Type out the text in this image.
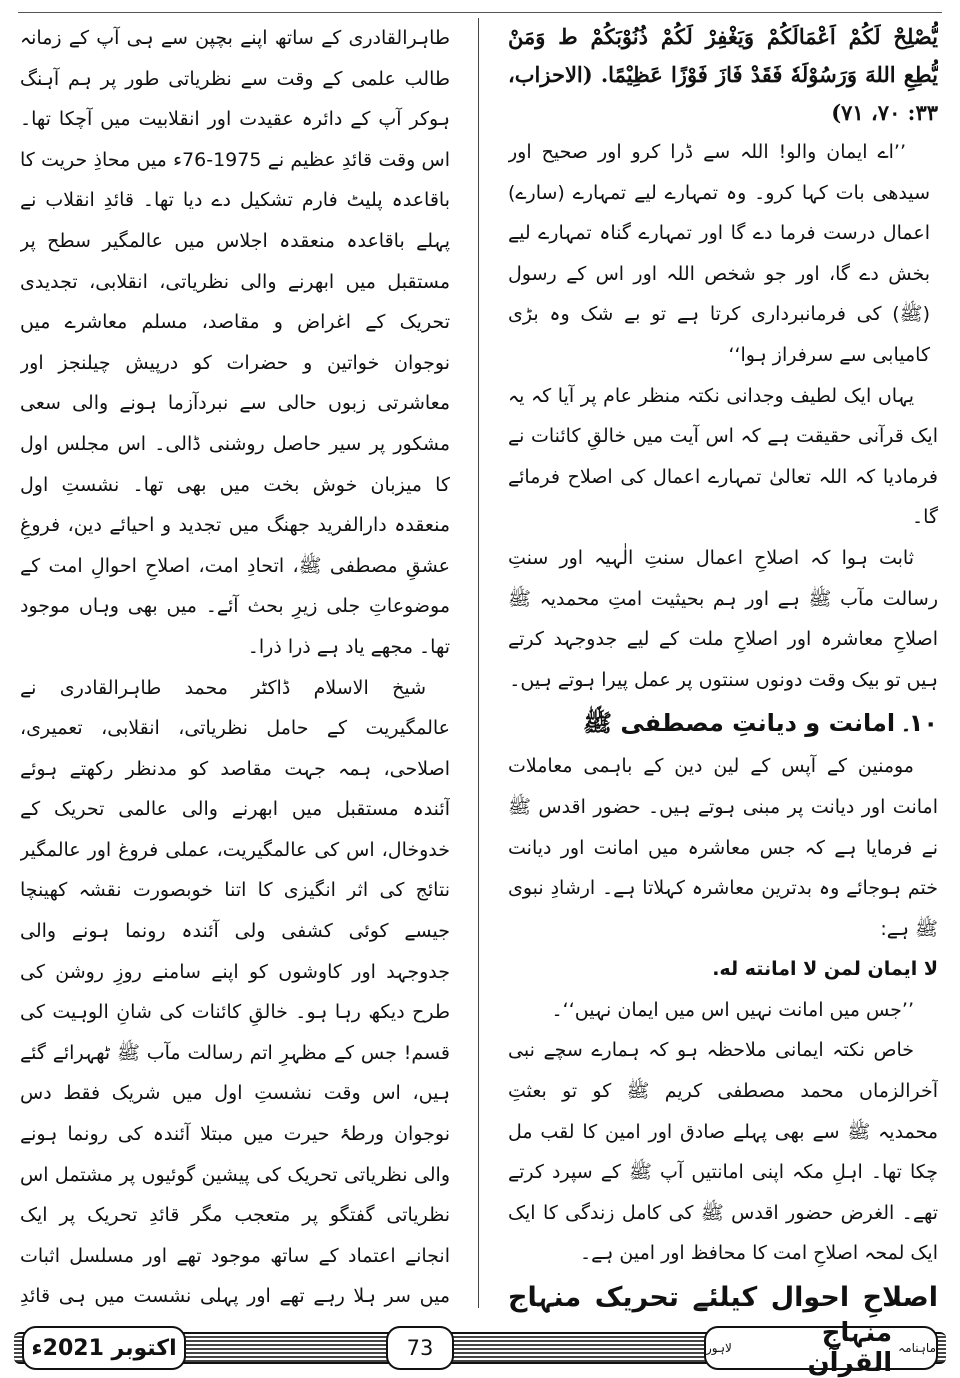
يُّصْلِحْ لَكُمْ اَعْمَالَكُمْ وَيَغْفِرْ لَكُمْ ذُنُوْبَكُمْ ط وَمَنْ يُّطِعِ اللهَ وَرَسُوْلَهٗ فَقَدْ فَازَ فَوْزًا عَظِيْمًا. (الاحزاب، ۳۳: ۷۰، ۷۱)

’’اے ایمان والو! اللہ سے ڈرا کرو اور صحیح اور سیدھی بات کہا کرو۔ وہ تمہارے لیے تمہارے (سارے) اعمال درست فرما دے گا اور تمہارے گناہ تمہارے لیے بخش دے گا، اور جو شخص اللہ اور اس کے رسول (ﷺ) کی فرمانبرداری کرتا ہے تو بے شک وہ بڑی کامیابی سے سرفراز ہوا‘‘

یہاں ایک لطیف وجدانی نکتہ منظر عام پر آیا کہ یہ ایک قرآنی حقیقت ہے کہ اس آیت میں خالقِ کائنات نے فرمادیا کہ اللہ تعالیٰ تمہارے اعمال کی اصلاح فرمائے گا۔

ثابت ہوا کہ اصلاحِ اعمال سنتِ الٰہیہ اور سنتِ رسالت مآب ﷺ ہے اور ہم بحیثیت امتِ محمدیہ ﷺ اصلاحِ معاشرہ اور اصلاحِ ملت کے لیے جدوجہد کرتے ہیں تو بیک وقت دونوں سنتوں پر عمل پیرا ہوتے ہیں۔

۱۰۔ امانت و دیانتِ مصطفی ﷺ

مومنین کے آپس کے لین دین کے باہمی معاملات امانت اور دیانت پر مبنی ہوتے ہیں۔ حضور اقدس ﷺ نے فرمایا ہے کہ جس معاشرہ میں امانت اور دیانت ختم ہوجائے وہ بدترین معاشرہ کہلاتا ہے۔ ارشادِ نبوی ﷺ ہے:

لا ایمان لمن لا امانته له.

’’جس میں امانت نہیں اس میں ایمان نہیں‘‘۔

خاص نکتہ ایمانی ملاحظہ ہو کہ ہمارے سچے نبی آخرالزماں محمد مصطفی کریم ﷺ کو تو بعثتِ محمدیہ ﷺ سے بھی پہلے صادق اور امین کا لقب مل چکا تھا۔ اہلِ مکہ اپنی امانتیں آپ ﷺ کے سپرد کرتے تھے۔ الغرض حضور اقدس ﷺ کی کامل زندگی کا ایک ایک لمحہ اصلاحِ امت کا محافظ اور امین ہے۔

اصلاحِ احوال کیلئے تحریک منہاج

طاہرالقادری کے ساتھ اپنے بچپن سے ہی آپ کے زمانہ طالب علمی کے وقت سے نظریاتی طور پر ہم آہنگ ہوکر آپ کے دائرہ عقیدت اور انقلابیت میں آچکا تھا۔ اس وقت قائدِ عظیم نے 1975-76ء میں محاذِ حریت کا باقاعدہ پلیٹ فارم تشکیل دے دیا تھا۔ قائدِ انقلاب نے پہلے باقاعدہ منعقدہ اجلاس میں عالمگیر سطح پر مستقبل میں ابھرنے والی نظریاتی، انقلابی، تجدیدی تحریک کے اغراض و مقاصد، مسلم معاشرے میں نوجوان خواتین و حضرات کو درپیش چیلنجز اور معاشرتی زبوں حالی سے نبردآزما ہونے والی سعی مشکور پر سیر حاصل روشنی ڈالی۔ اس مجلس اول کا میزبان خوش بخت میں بھی تھا۔ نشستِ اول منعقدہ دارالفرید جھنگ میں تجدید و احیائے دین، فروغِ عشقِ مصطفی ﷺ، اتحادِ امت، اصلاحِ احوالِ امت کے موضوعاتِ جلی زیرِ بحث آئے۔ میں بھی وہاں موجود تھا۔ مجھے یاد ہے ذرا ذرا۔

شیخ الاسلام ڈاکٹر محمد طاہرالقادری نے عالمگیریت کے حامل نظریاتی، انقلابی، تعمیری، اصلاحی، ہمہ جہت مقاصد کو مدنظر رکھتے ہوئے آئندہ مستقبل میں ابھرنے والی عالمی تحریک کے خدوخال، اس کی عالمگیریت، عملی فروغ اور عالمگیر نتائج کی اثر انگیزی کا اتنا خوبصورت نقشہ کھینچا جیسے کوئی کشفی ولی آئندہ رونما ہونے والی جدوجہد اور کاوشوں کو اپنے سامنے روزِ روشن کی طرح دیکھ رہا ہو۔ خالقِ کائنات کی شانِ الوہیت کی قسم! جس کے مظہرِ اتم رسالت مآب ﷺ ٹھہرائے گئے ہیں، اس وقت نشستِ اول میں شریک فقط دس نوجوان ورطۂ حیرت میں مبتلا آئندہ کی رونما ہونے والی نظریاتی تحریک کی پیشین گوئیوں پر مشتمل اس نظریاتی گفتگو پر متعجب مگر قائدِ تحریک پر ایک انجانے اعتماد کے ساتھ موجود تھے اور مسلسل اثبات میں سر ہلا رہے تھے اور پہلی نشست میں ہی قائدِ

اکتوبر 2021ء	73	ماہنامہ
منہاج القرآن
لاہور
